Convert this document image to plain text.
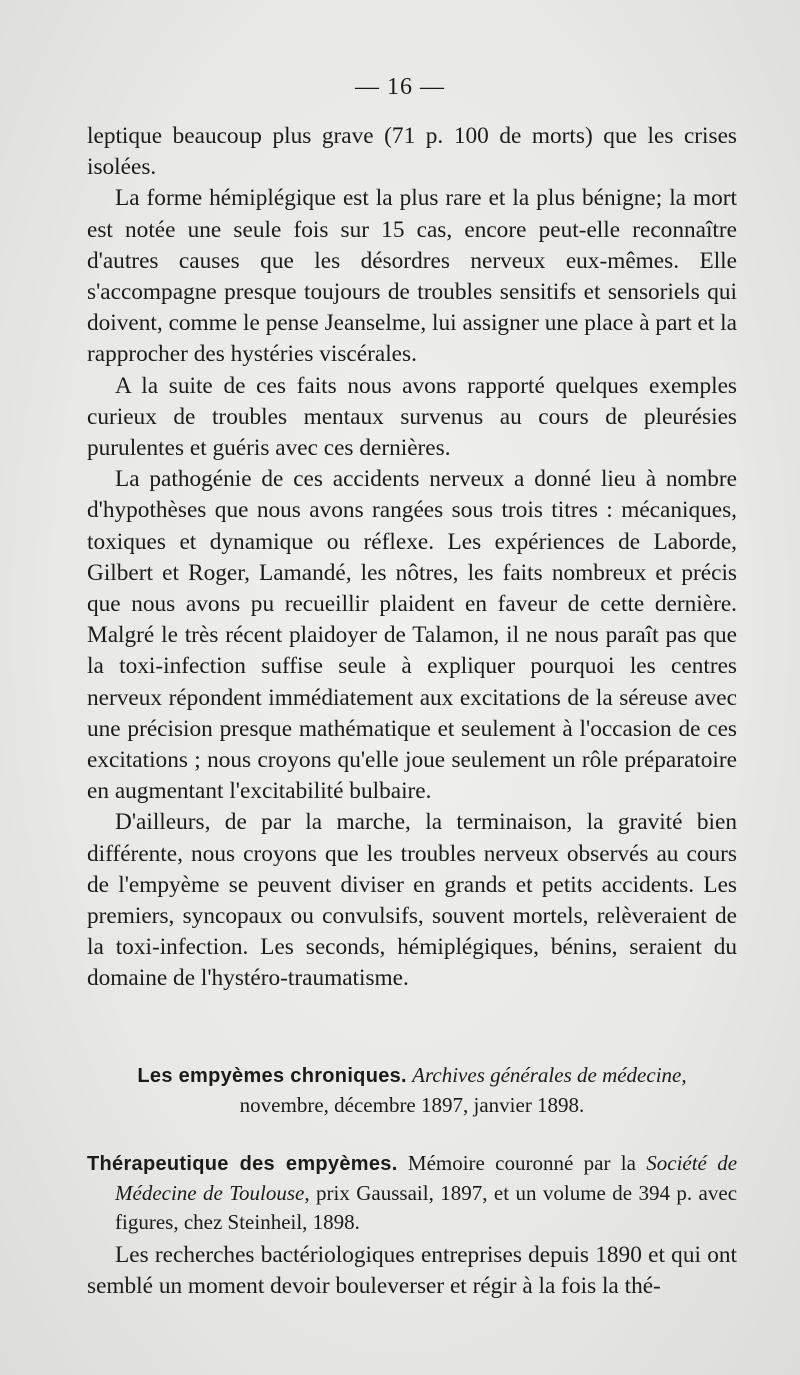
— 16 —

leptique beaucoup plus grave (71 p. 100 de morts) que les crises isolées.

La forme hémiplégique est la plus rare et la plus bénigne; la mort est notée une seule fois sur 15 cas, encore peut-elle reconnaître d'autres causes que les désordres nerveux eux-mêmes. Elle s'accompagne presque toujours de troubles sensitifs et sensoriels qui doivent, comme le pense Jeanselme, lui assigner une place à part et la rapprocher des hystéries viscérales.

A la suite de ces faits nous avons rapporté quelques exemples curieux de troubles mentaux survenus au cours de pleurésies purulentes et guéris avec ces dernières.

La pathogénie de ces accidents nerveux a donné lieu à nombre d'hypothèses que nous avons rangées sous trois titres : mécaniques, toxiques et dynamique ou réflexe. Les expériences de Laborde, Gilbert et Roger, Lamandé, les nôtres, les faits nombreux et précis que nous avons pu recueillir plaident en faveur de cette dernière. Malgré le très récent plaidoyer de Talamon, il ne nous paraît pas que la toxi-infection suffise seule à expliquer pourquoi les centres nerveux répondent immédiatement aux excitations de la séreuse avec une précision presque mathématique et seulement à l'occasion de ces excitations ; nous croyons qu'elle joue seulement un rôle préparatoire en augmentant l'excitabilité bulbaire.

D'ailleurs, de par la marche, la terminaison, la gravité bien différente, nous croyons que les troubles nerveux observés au cours de l'empyème se peuvent diviser en grands et petits accidents. Les premiers, syncopaux ou convulsifs, souvent mortels, relèveraient de la toxi-infection. Les seconds, hémiplégiques, bénins, seraient du domaine de l'hystéro-traumatisme.

Les empyèmes chroniques. Archives générales de médecine,
novembre, décembre 1897, janvier 1898.
Thérapeutique des empyèmes. Mémoire couronné par la Société de Médecine de Toulouse, prix Gaussail, 1897, et un volume de 394 p. avec figures, chez Steinheil, 1898.

Les recherches bactériologiques entreprises depuis 1890 et qui ont semblé un moment devoir bouleverser et régir à la fois la thé-
